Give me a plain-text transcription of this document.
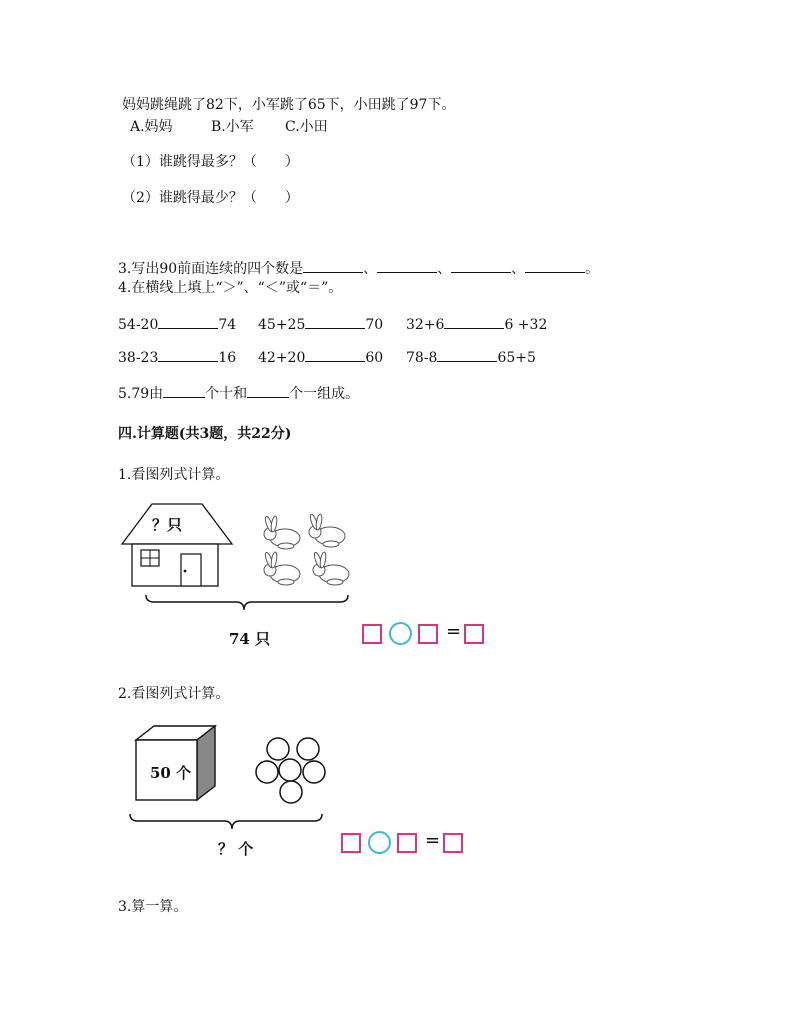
妈妈跳绳跳了82下，小军跳了65下，小田跳了97下。
A.妈妈	B.小军 C.小田
（1）谁跳得最多？（　　）
（2）谁跳得最少？（　　）
3.写出90前面连续的四个数是	、	、	、	。
4.在横线上填上“＞”、“＜”或“＝”。
54-20	74 45+25	70 32+6	6 +32
38-23	16 42+20	60 78-8	65+5
5.79由	个十和	个一组成。
四.计算题(共3题，共22分)
1.看图列式计算。
？只
74 只	=
2.看图列式计算。
50 个
？ 个	=
3.算一算。
